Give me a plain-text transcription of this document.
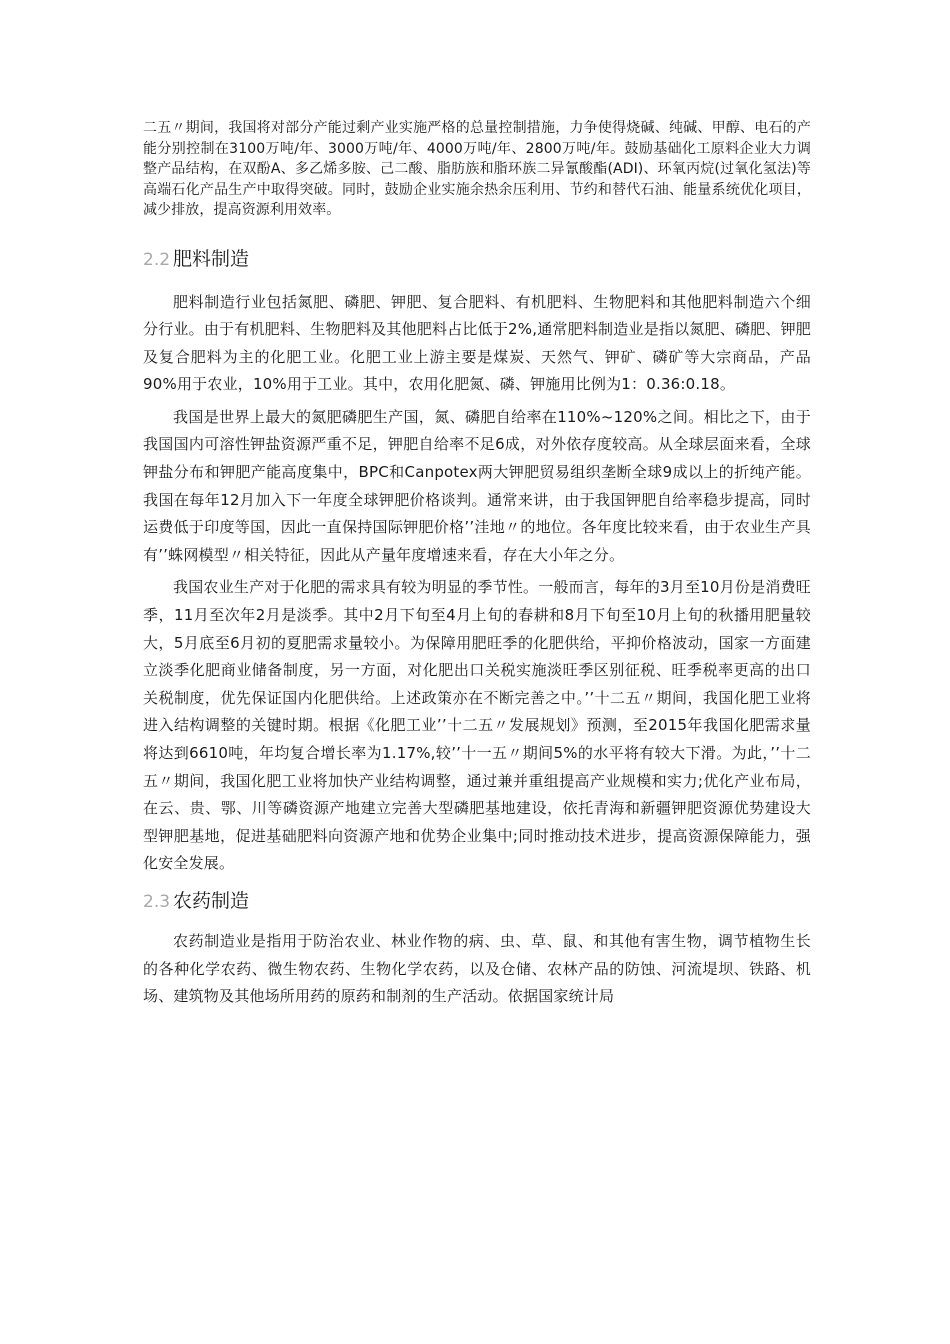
二五〃期间，我国将对部分产能过剩产业实施严格的总量控制措施，力争使得烧碱、纯碱、甲醇、电石的产能分别控制在3100万吨/年、3000万吨/年、4000万吨/年、2800万吨/年。鼓励基础化工原料企业大力调整产品结构，在双酚A、多乙烯多胺、己二酸、脂肪族和脂环族二异氰酸酯(ADI)、环氧丙烷(过氧化氢法)等高端石化产品生产中取得突破。同时，鼓励企业实施余热余压利用、节约和替代石油、能量系统优化项目，减少排放，提高资源利用效率。

2.2 肥料制造

肥料制造行业包括氮肥、磷肥、钾肥、复合肥料、有机肥料、生物肥料和其他肥料制造六个细分行业。由于有机肥料、生物肥料及其他肥料占比低于2%,通常肥料制造业是指以氮肥、磷肥、钾肥及复合肥料为主的化肥工业。化肥工业上游主要是煤炭、天然气、钾矿、磷矿等大宗商品，产品90%用于农业，10%用于工业。其中，农用化肥氮、磷、钾施用比例为1：0.36:0.18。

我国是世界上最大的氮肥磷肥生产国，氮、磷肥自给率在110%~120%之间。相比之下，由于我国国内可溶性钾盐资源严重不足，钾肥自给率不足6成，对外依存度较高。从全球层面来看，全球钾盐分布和钾肥产能高度集中，BPC和Canpotex两大钾肥贸易组织垄断全球9成以上的折纯产能。我国在每年12月加入下一年度全球钾肥价格谈判。通常来讲，由于我国钾肥自给率稳步提高，同时运费低于印度等国，因此一直保持国际钾肥价格’’洼地〃的地位。各年度比较来看，由于农业生产具有’’蛛网模型〃相关特征，因此从产量年度增速来看，存在大小年之分。

我国农业生产对于化肥的需求具有较为明显的季节性。一般而言，每年的3月至10月份是消费旺季，11月至次年2月是淡季。其中2月下旬至4月上旬的春耕和8月下旬至10月上旬的秋播用肥量较大，5月底至6月初的夏肥需求量较小。为保障用肥旺季的化肥供给，平抑价格波动，国家一方面建立淡季化肥商业储备制度，另一方面，对化肥出口关税实施淡旺季区别征税、旺季税率更高的出口关税制度，优先保证国内化肥供给。上述政策亦在不断完善之中。’’十二五〃期间，我国化肥工业将进入结构调整的关键时期。根据《化肥工业’’十二五〃发展规划》预测，至2015年我国化肥需求量将达到6610吨，年均复合增长率为1.17%,较’’十一五〃期间5%的水平将有较大下滑。为此，’’十二五〃期间，我国化肥工业将加快产业结构调整，通过兼并重组提高产业规模和实力;优化产业布局，在云、贵、鄂、川等磷资源产地建立完善大型磷肥基地建设，依托青海和新疆钾肥资源优势建设大型钾肥基地，促进基础肥料向资源产地和优势企业集中;同时推动技术进步，提高资源保障能力，强化安全发展。

2.3 农药制造

农药制造业是指用于防治农业、林业作物的病、虫、草、鼠、和其他有害生物，调节植物生长的各种化学农药、微生物农药、生物化学农药，以及仓储、农林产品的防蚀、河流堤坝、铁路、机场、建筑物及其他场所用药的原药和制剂的生产活动。依据国家统计局
